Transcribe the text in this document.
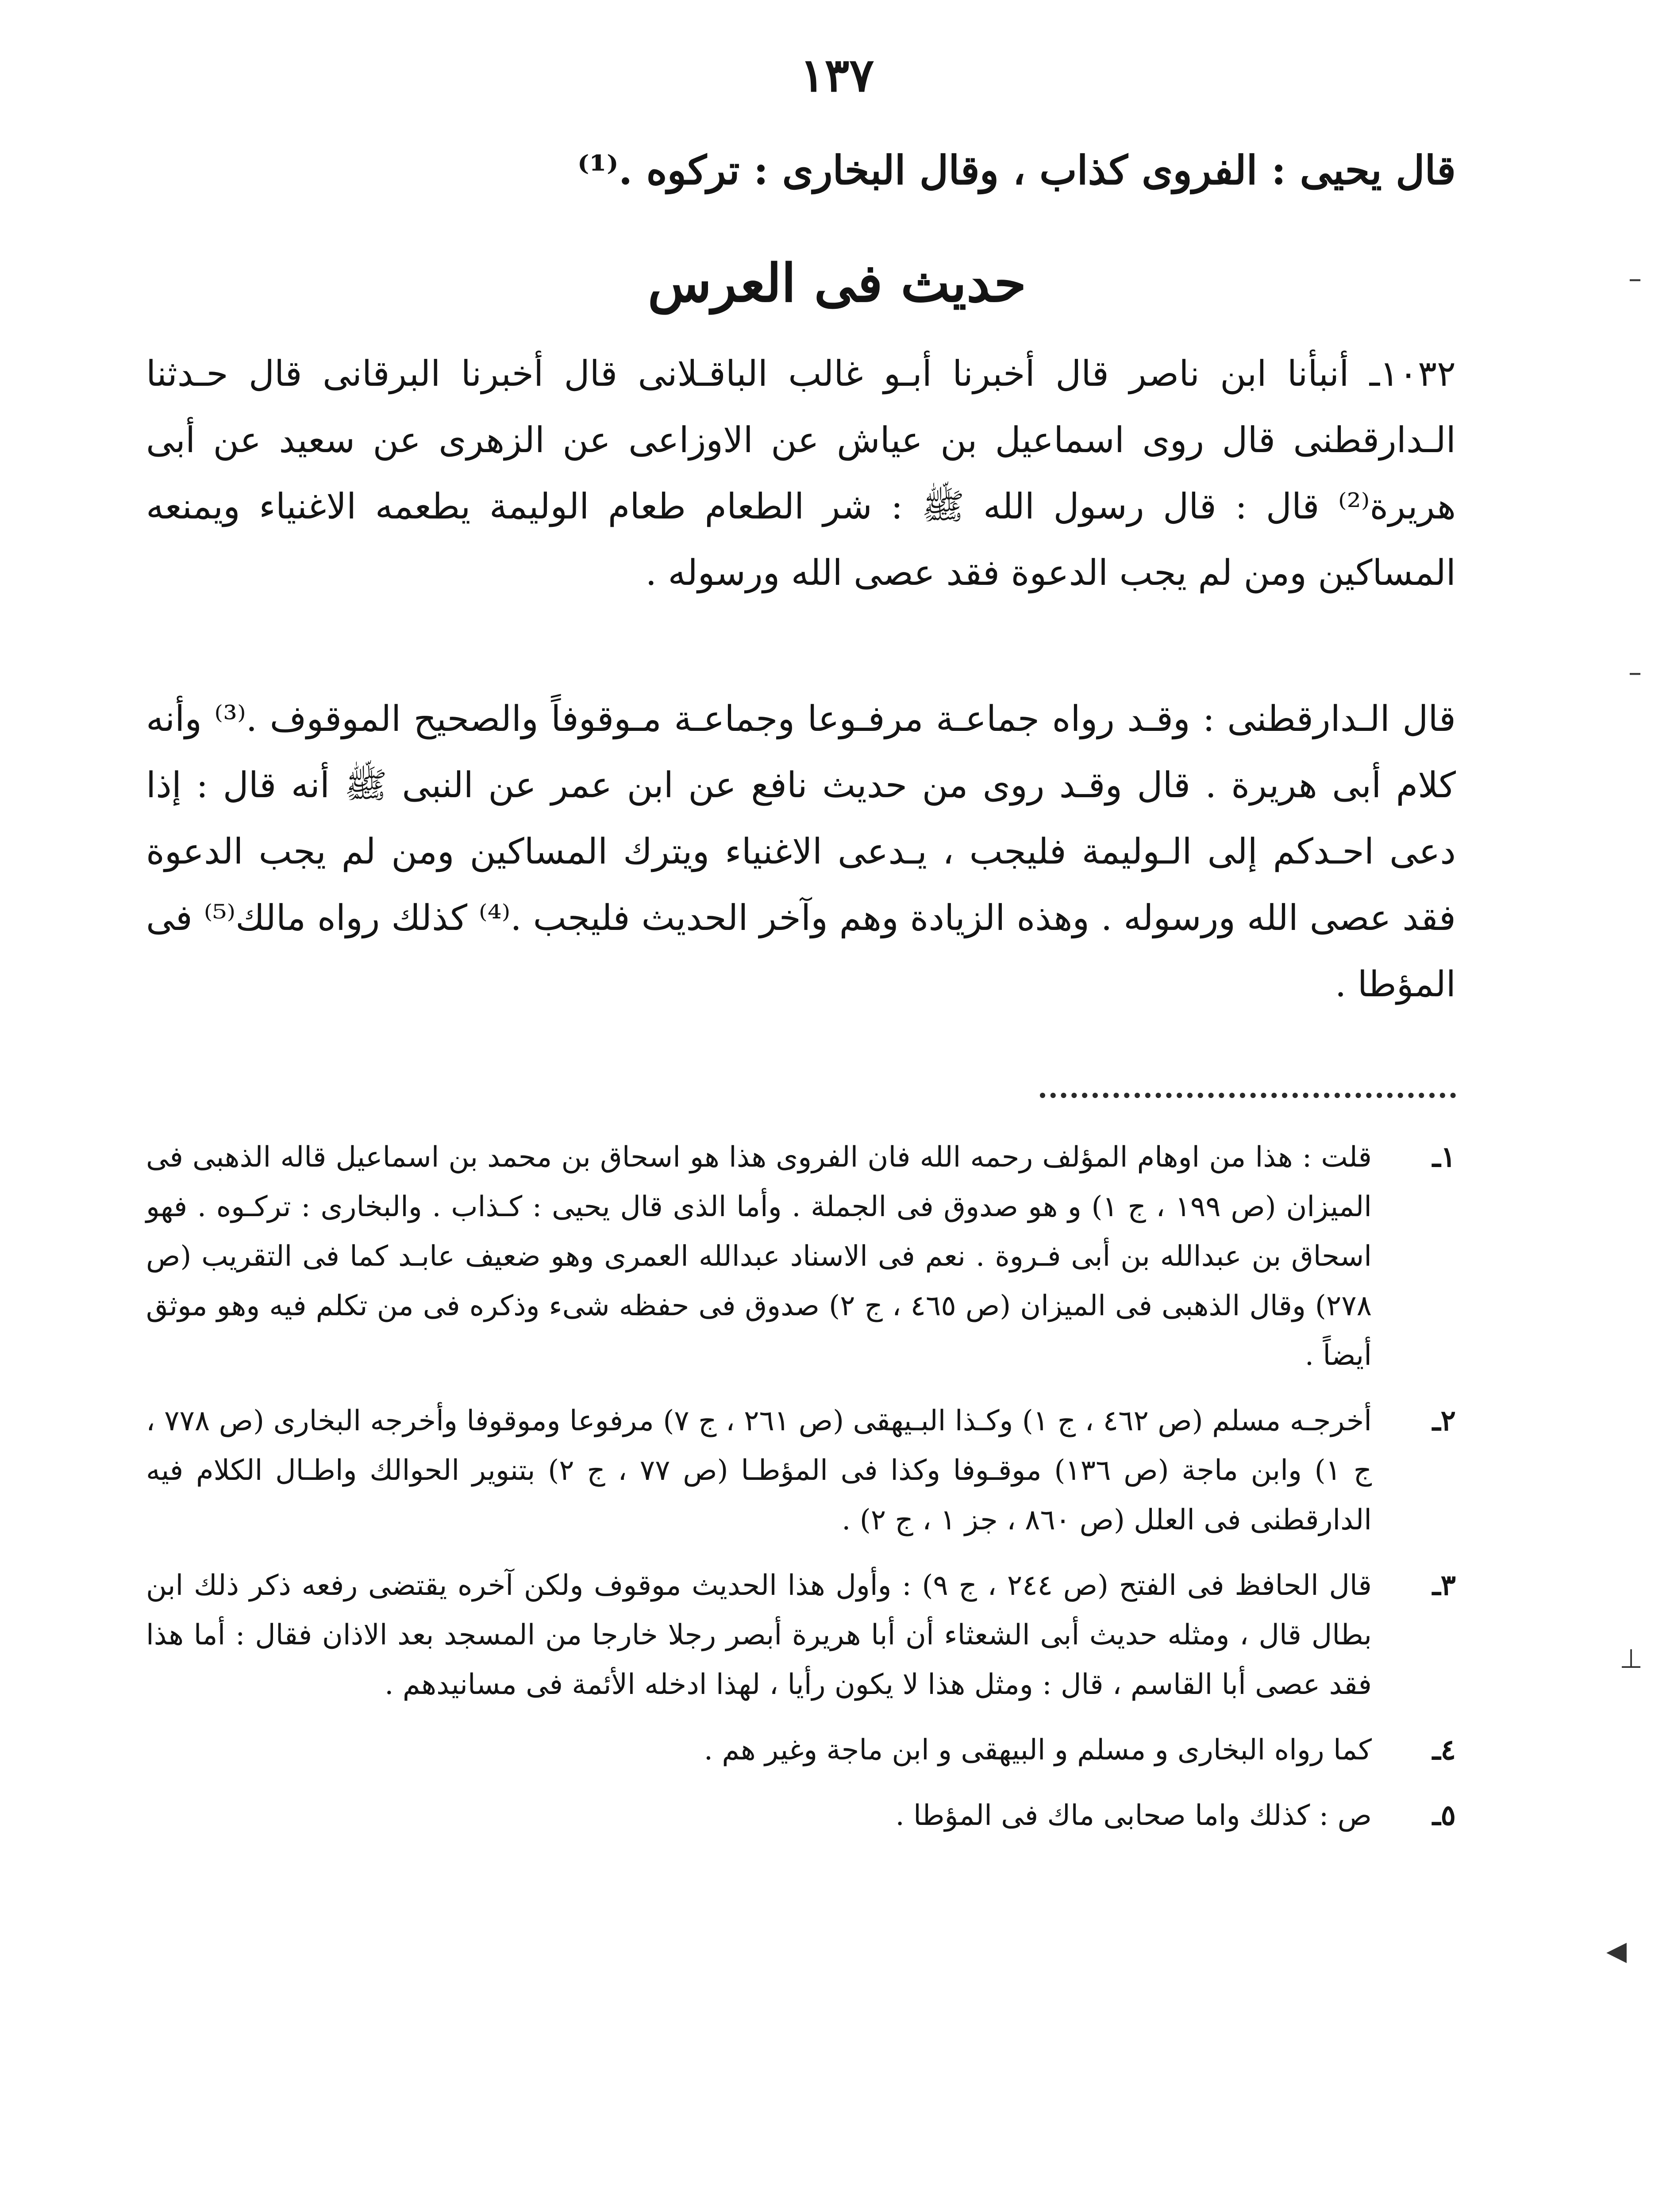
١٣٧
قال يحيى : الفروى كذاب ، وقال البخارى : تركوه .⁽¹⁾
حديث فى العرس
١٠٣٢ـ أنبأنا ابن ناصر قال أخبرنا أبـو غالب الباقـلانى قال أخبرنا البرقانى قال حـدثنا الـدارقطنى قال روى اسماعيل بن عياش عن الاوزاعى عن الزهرى عن سعيد عن أبى هريرة⁽²⁾ قال : قال رسول الله ﷺ : شر الطعام طعام الوليمة يطعمه الاغنياء ويمنعه المساكين ومن لم يجب الدعوة فقد عصى الله ورسوله .
قال الـدارقطنى : وقـد رواه جماعـة مرفـوعا وجماعـة مـوقوفاً والصحيح الموقوف .⁽³⁾ وأنه كلام أبى هريرة . قال وقـد روى من حديث نافع عن ابن عمر عن النبى ﷺ أنه قال : إذا دعى احـدكم إلى الـوليمة فليجب ، يـدعى الاغنياء ويترك المساكين ومن لم يجب الدعوة فقد عصى الله ورسوله . وهذه الزيادة وهم وآخر الحديث فليجب .⁽⁴⁾ كذلك رواه مالك⁽⁵⁾ فى المؤطا .
١ـ
قلت : هذا من اوهام المؤلف رحمه الله فان الفروى هذا هو اسحاق بن محمد بن اسماعيل قاله الذهبى فى الميزان (ص ١٩٩ ، ج ١) و هو صدوق فى الجملة . وأما الذى قال يحيى : كـذاب . والبخارى : تركـوه . فهو اسحاق بن عبدالله بن أبى فـروة . نعم فى الاسناد عبدالله العمرى وهو ضعيف عابـد كما فى التقريب (ص ٢٧٨) وقال الذهبى فى الميزان (ص ٤٦٥ ، ج ٢) صدوق فى حفظه شىء وذكره فى من تكلم فيه وهو موثق أيضاً .
٢ـ
أخرجـه مسلم (ص ٤٦٢ ، ج ١) وكـذا البـيهقى (ص ٢٦١ ، ج ٧) مرفوعا وموقوفا وأخرجه البخارى (ص ٧٧٨ ، ج ١) وابن ماجة (ص ١٣٦) موقـوفا وكذا فى المؤطـا (ص ٧٧ ، ج ٢) بتنوير الحوالك واطـال الكلام فيه الدارقطنى فى العلل (ص ٨٦٠ ، جز ١ ، ج ٢) .
٣ـ
قال الحافظ فى الفتح (ص ٢٤٤ ، ج ٩) : وأول هذا الحديث موقوف ولكن آخره يقتضى رفعه ذكر ذلك ابن بطال قال ، ومثله حديث أبى الشعثاء أن أبا هريرة أبصر رجلا خارجا من المسجد بعد الاذان فقال : أما هذا فقد عصى أبا القاسم ، قال : ومثل هذا لا يكون رأيا ، لهذا ادخله الأئمة فى مسانيدهم .
٤ـ
كما رواه البخارى و مسلم و البيهقى و ابن ماجة وغير هم .
٥ـ
ص : كذلك واما صحابى ماك فى المؤطا .
–
–
⊥
◀
